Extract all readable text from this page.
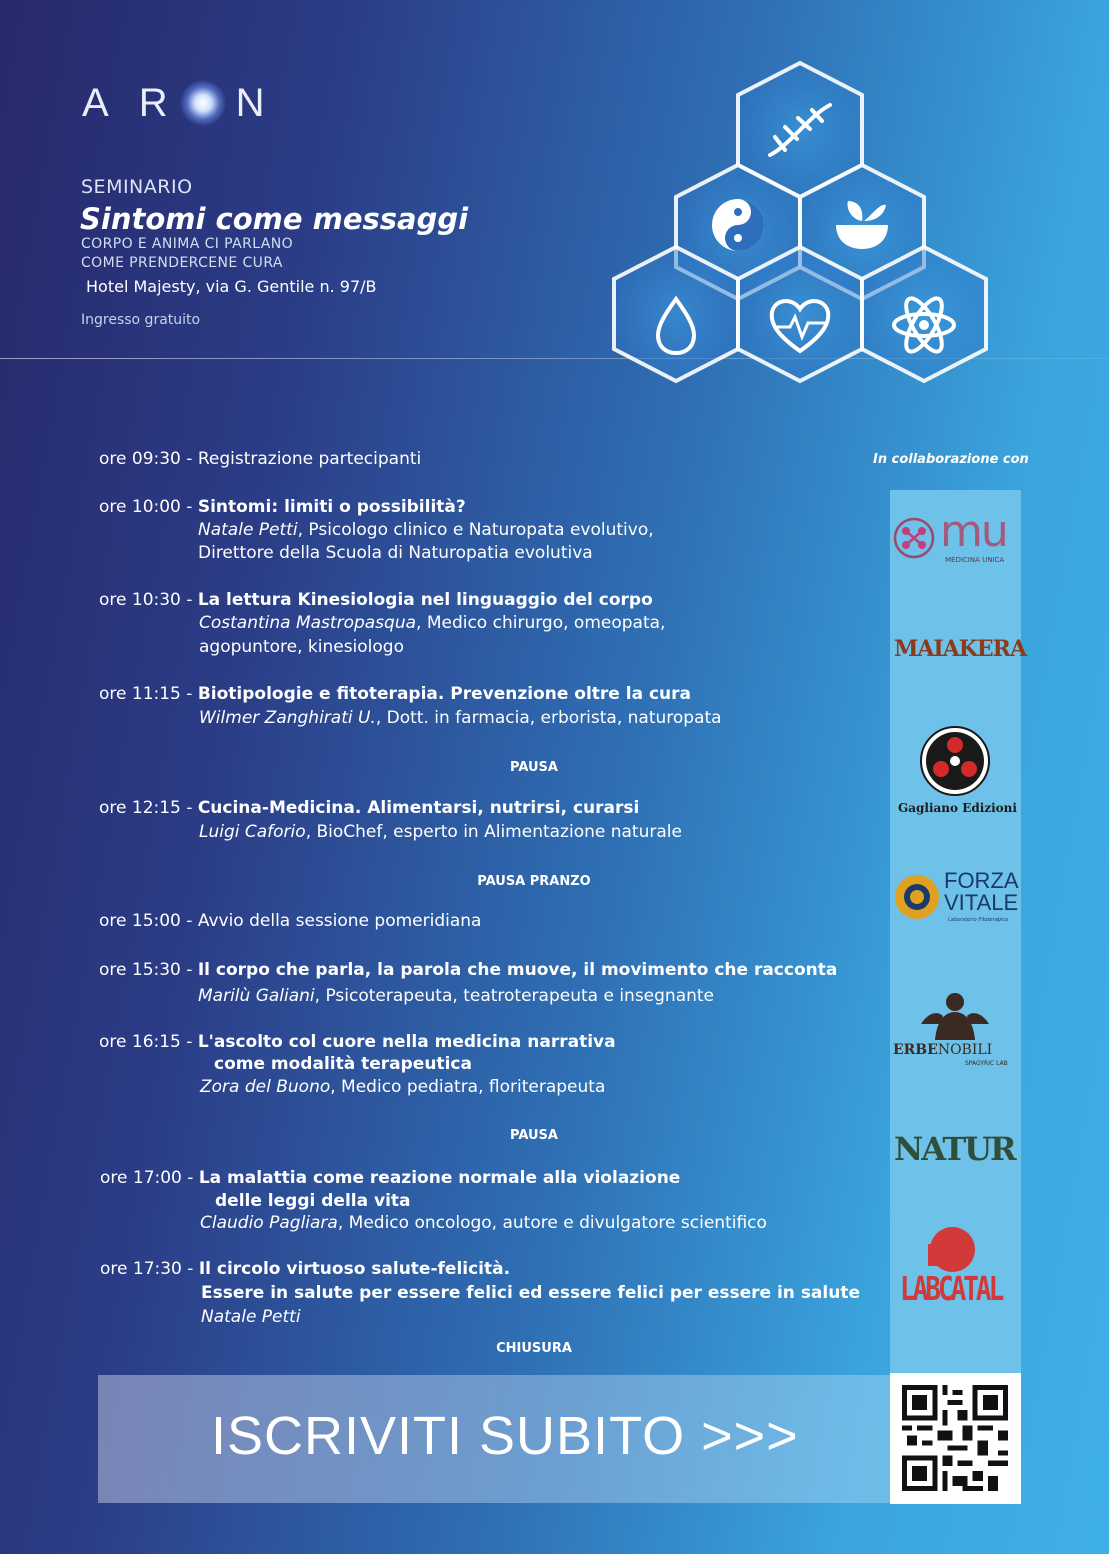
A R N
SEMINARIO
Sintomi come messaggi
CORPO E ANIMA CI PARLANO
COME PRENDERCENE CURA
Hotel Majesty, via G. Gentile n. 97/B
Ingresso gratuito
ore 09:30 - Registrazione partecipanti
ore 10:00 - Sintomi: limiti o possibilità?
Natale Petti, Psicologo clinico e Naturopata evolutivo,
Direttore della Scuola di Naturopatia evolutiva
ore 10:30 - La lettura Kinesiologia nel linguaggio del corpo
Costantina Mastropasqua, Medico chirurgo, omeopata,
agopuntore, kinesiologo
ore 11:15 - Biotipologie e fitoterapia. Prevenzione oltre la cura
Wilmer Zanghirati U., Dott. in farmacia, erborista, naturopata
PAUSA
ore 12:15 - Cucina-Medicina. Alimentarsi, nutrirsi, curarsi
Luigi Caforio, BioChef, esperto in Alimentazione naturale
PAUSA PRANZO
ore 15:00 - Avvio della sessione pomeridiana
ore 15:30 - Il corpo che parla, la parola che muove, il movimento che racconta
Marilù Galiani, Psicoterapeuta, teatroterapeuta e insegnante
ore 16:15 - L'ascolto col cuore nella medicina narrativa
come modalità terapeutica
Zora del Buono, Medico pediatra, floriterapeuta
PAUSA
ore 17:00 - La malattia come reazione normale alla violazione
delle leggi della vita
Claudio Pagliara, Medico oncologo, autore e divulgatore scientifico
ore 17:30 - Il circolo virtuoso salute-felicità.
Essere in salute per essere felici ed essere felici per essere in salute
Natale Petti
CHIUSURA
In collaborazione con
mu
MEDICINA UNICA
MAIAKERA
Gagliano Edizioni
FORZA
VITALE
Laboratorio Fitoterapico
ERBENOBILI
SPAGYRIC LAB
NATUR
LABCATAL
ISCRIVITI SUBITO >>>
